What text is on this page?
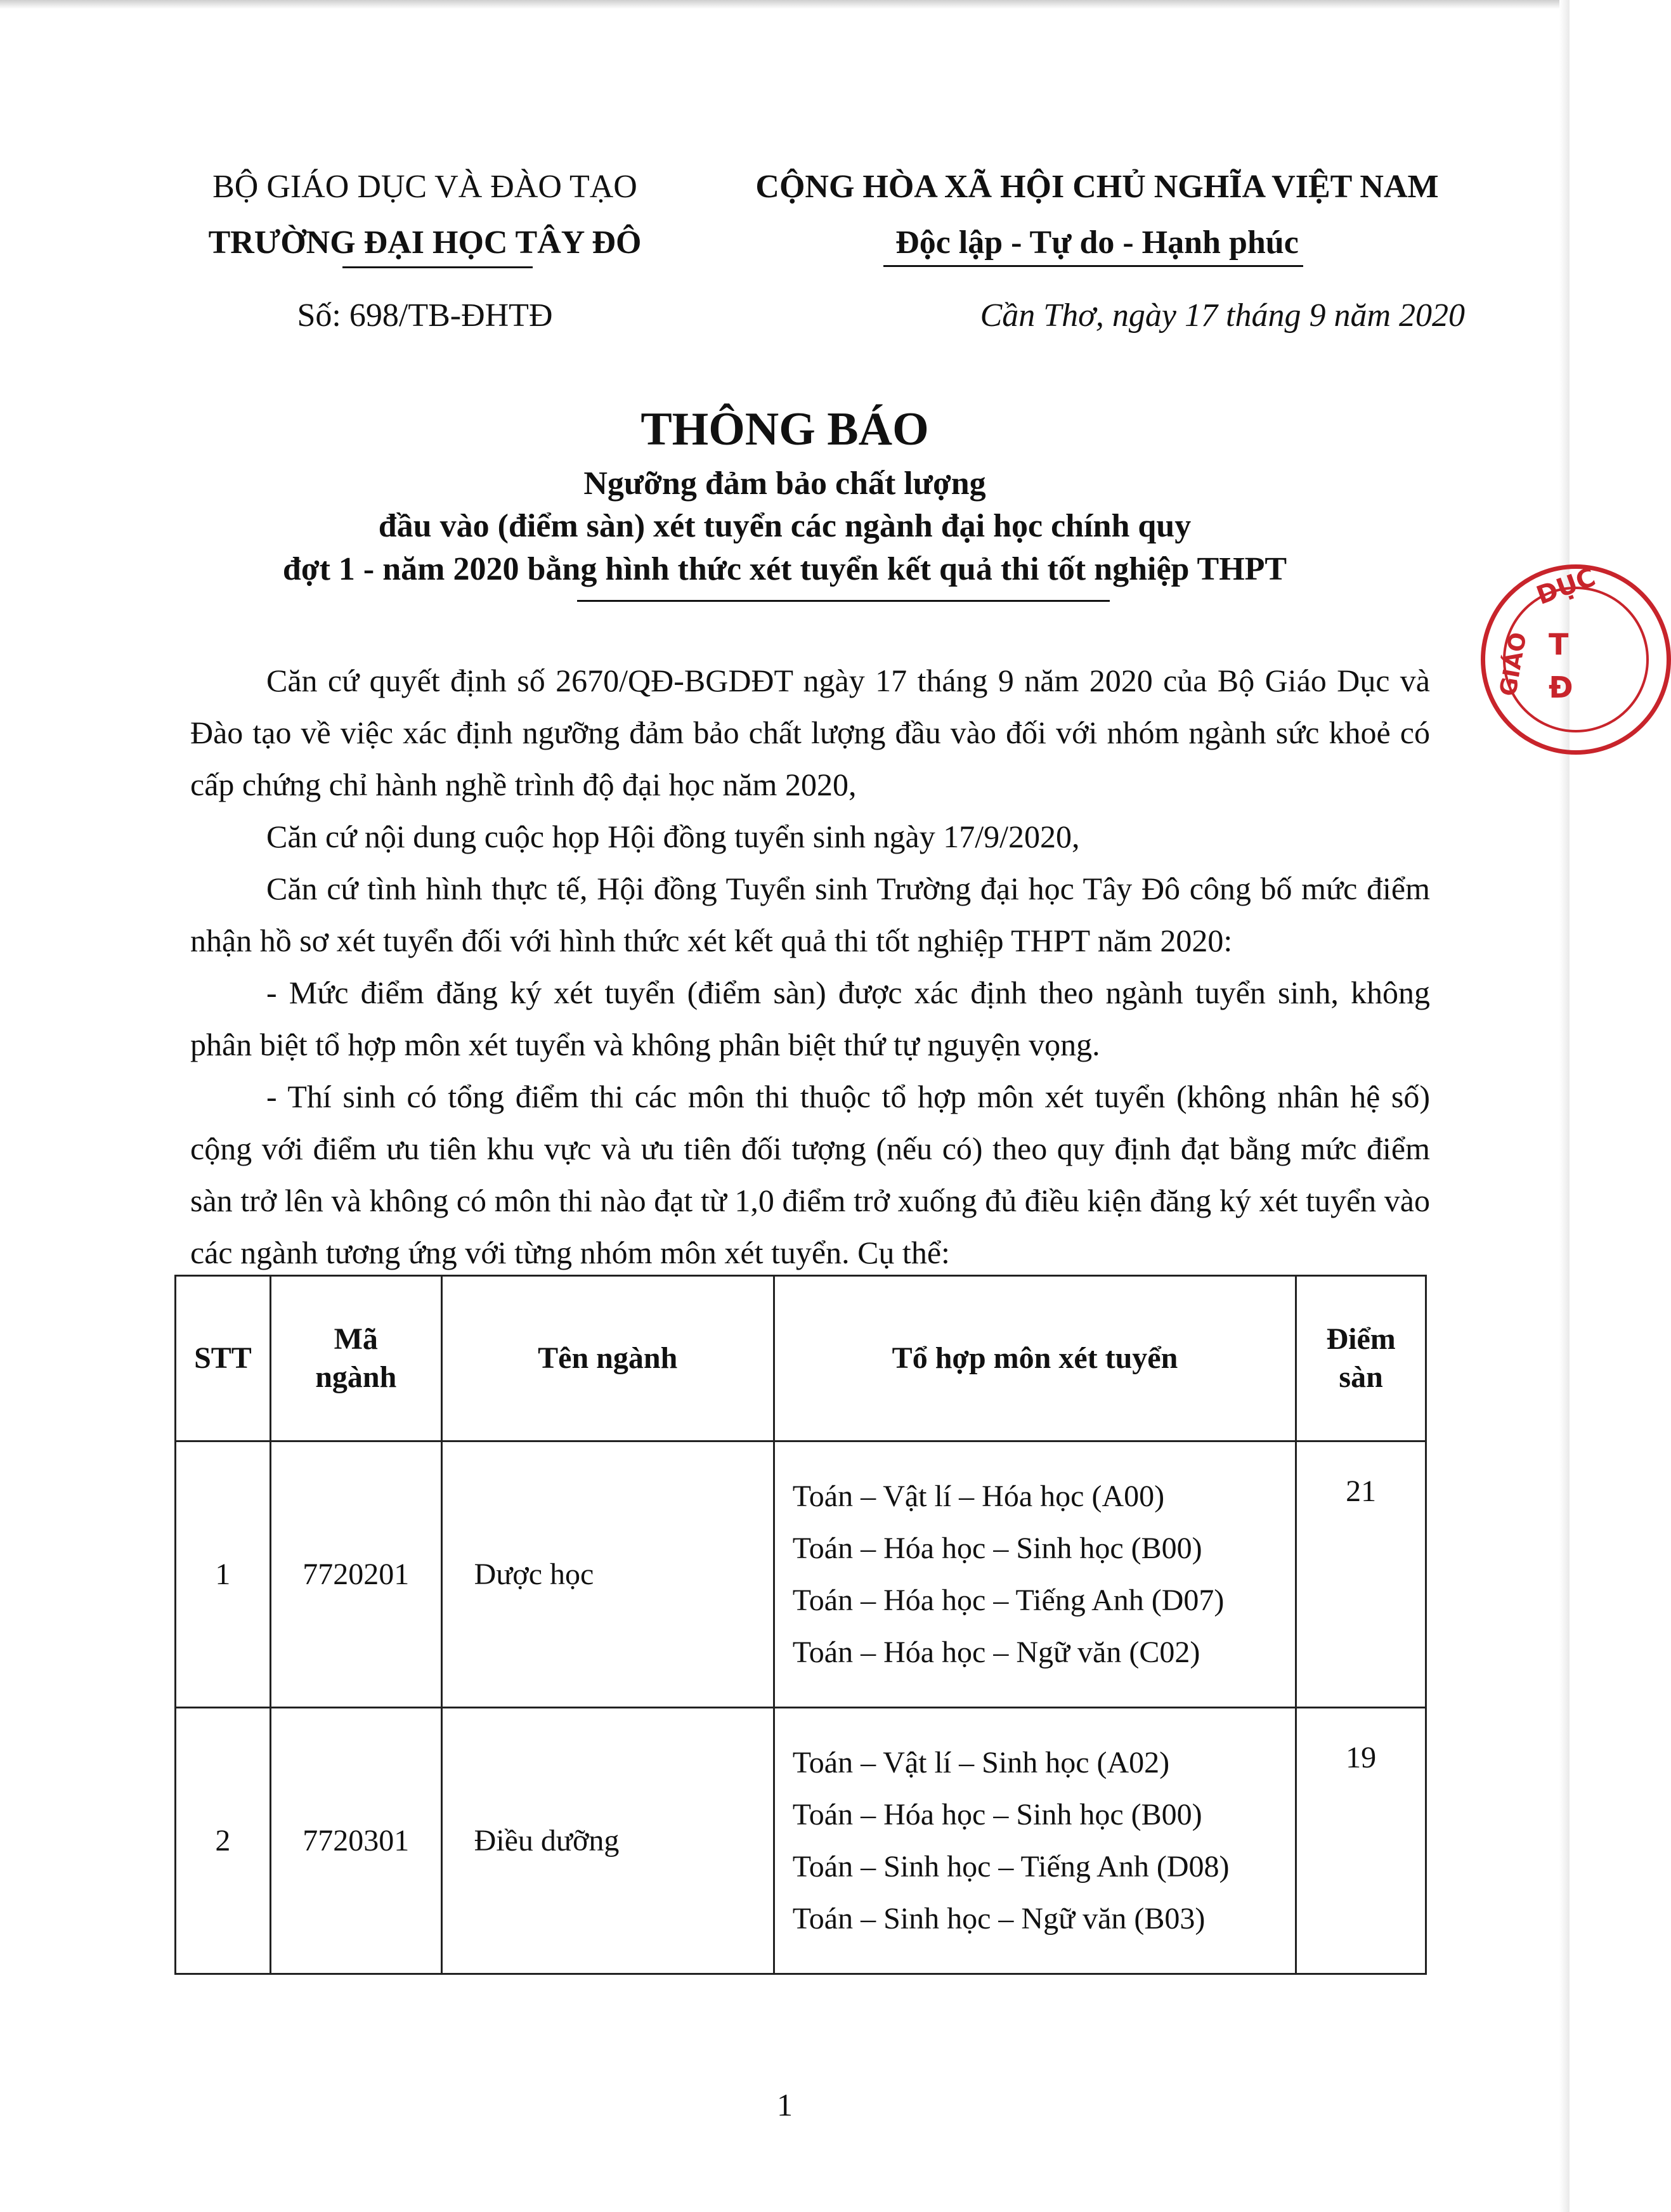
BỘ GIÁO DỤC VÀ ĐÀO TẠO
TRƯỜNG ĐẠI HỌC TÂY ĐÔ
Số: 698/TB-ĐHTĐ
CỘNG HÒA XÃ HỘI CHỦ NGHĨA VIỆT NAM
Độc lập - Tự do - Hạnh phúc
Cần Thơ, ngày 17 tháng 9 năm 2020
THÔNG BÁO
Ngưỡng đảm bảo chất lượng
đầu vào (điểm sàn) xét tuyển các ngành đại học chính quy
đợt 1 - năm 2020 bằng hình thức xét tuyển kết quả thi tốt nghiệp THPT

Căn cứ quyết định số 2670/QĐ-BGDĐT ngày 17 tháng 9 năm 2020 của Bộ Giáo Dục và Đào tạo về việc xác định ngưỡng đảm bảo chất lượng đầu vào đối với nhóm ngành sức khoẻ có cấp chứng chỉ hành nghề trình độ đại học năm 2020,

Căn cứ nội dung cuộc họp Hội đồng tuyển sinh ngày 17/9/2020,

Căn cứ tình hình thực tế, Hội đồng Tuyển sinh Trường đại học Tây Đô công bố mức điểm nhận hồ sơ xét tuyển đối với hình thức xét kết quả thi tốt nghiệp THPT năm 2020:

- Mức điểm đăng ký xét tuyển (điểm sàn) được xác định theo ngành tuyển sinh, không phân biệt tổ hợp môn xét tuyển và không phân biệt thứ tự nguyện vọng.

- Thí sinh có tổng điểm thi các môn thi thuộc tổ hợp môn xét tuyển (không nhân hệ số) cộng với điểm ưu tiên khu vực và ưu tiên đối tượng (nếu có) theo quy định đạt bằng mức điểm sàn trở lên và không có môn thi nào đạt từ 1,0 điểm trở xuống đủ điều kiện đăng ký xét tuyển vào các ngành tương ứng với từng nhóm môn xét tuyển. Cụ thể:

STT	Mã
ngành	Tên ngành	Tổ hợp môn xét tuyển	Điểm
sàn
1	7720201	Dược học	Toán – Vật lí – Hóa học (A00)
Toán – Hóa học – Sinh học (B00)
Toán – Hóa học – Tiếng Anh (D07)
Toán – Hóa học – Ngữ văn (C02)	21
2	7720301	Điều dưỡng	Toán – Vật lí – Sinh học (A02)
Toán – Hóa học – Sinh học (B00)
Toán – Sinh học – Tiếng Anh (D08)
Toán – Sinh học – Ngữ văn (B03)	19
1
DỤC
GIÁO T
Đ
